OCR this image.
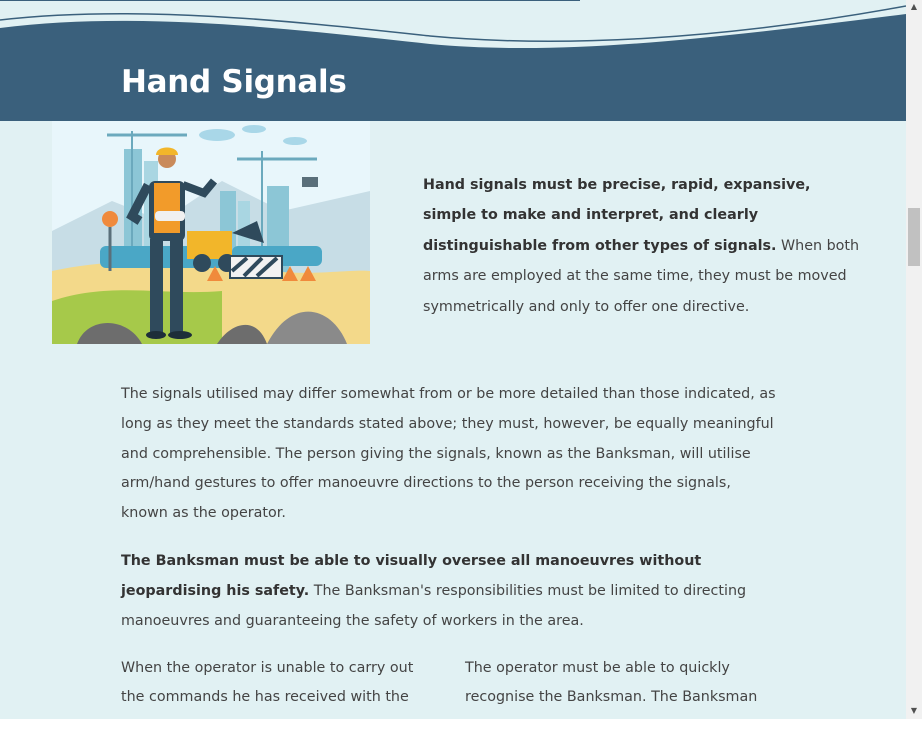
Hand Signals

Hand signals must be precise, rapid, expansive, simple to make and interpret, and clearly distinguishable from other types of signals. When both arms are employed at the same time, they must be moved symmetrically and only to offer one directive.

The signals utilised may differ somewhat from or be more detailed than those indicated, as long as they meet the standards stated above; they must, however, be equally meaningful and comprehensible. The person giving the signals, known as the Banksman, will utilise arm/hand gestures to offer manoeuvre directions to the person receiving the signals, known as the operator.

The Banksman must be able to visually oversee all manoeuvres without jeopardising his safety. The Banksman's responsibilities must be limited to directing manoeuvres and guaranteeing the safety of workers in the area.

When the operator is unable to carry out the commands he has received with the

The operator must be able to quickly recognise the Banksman. The Banksman

▲
▼
